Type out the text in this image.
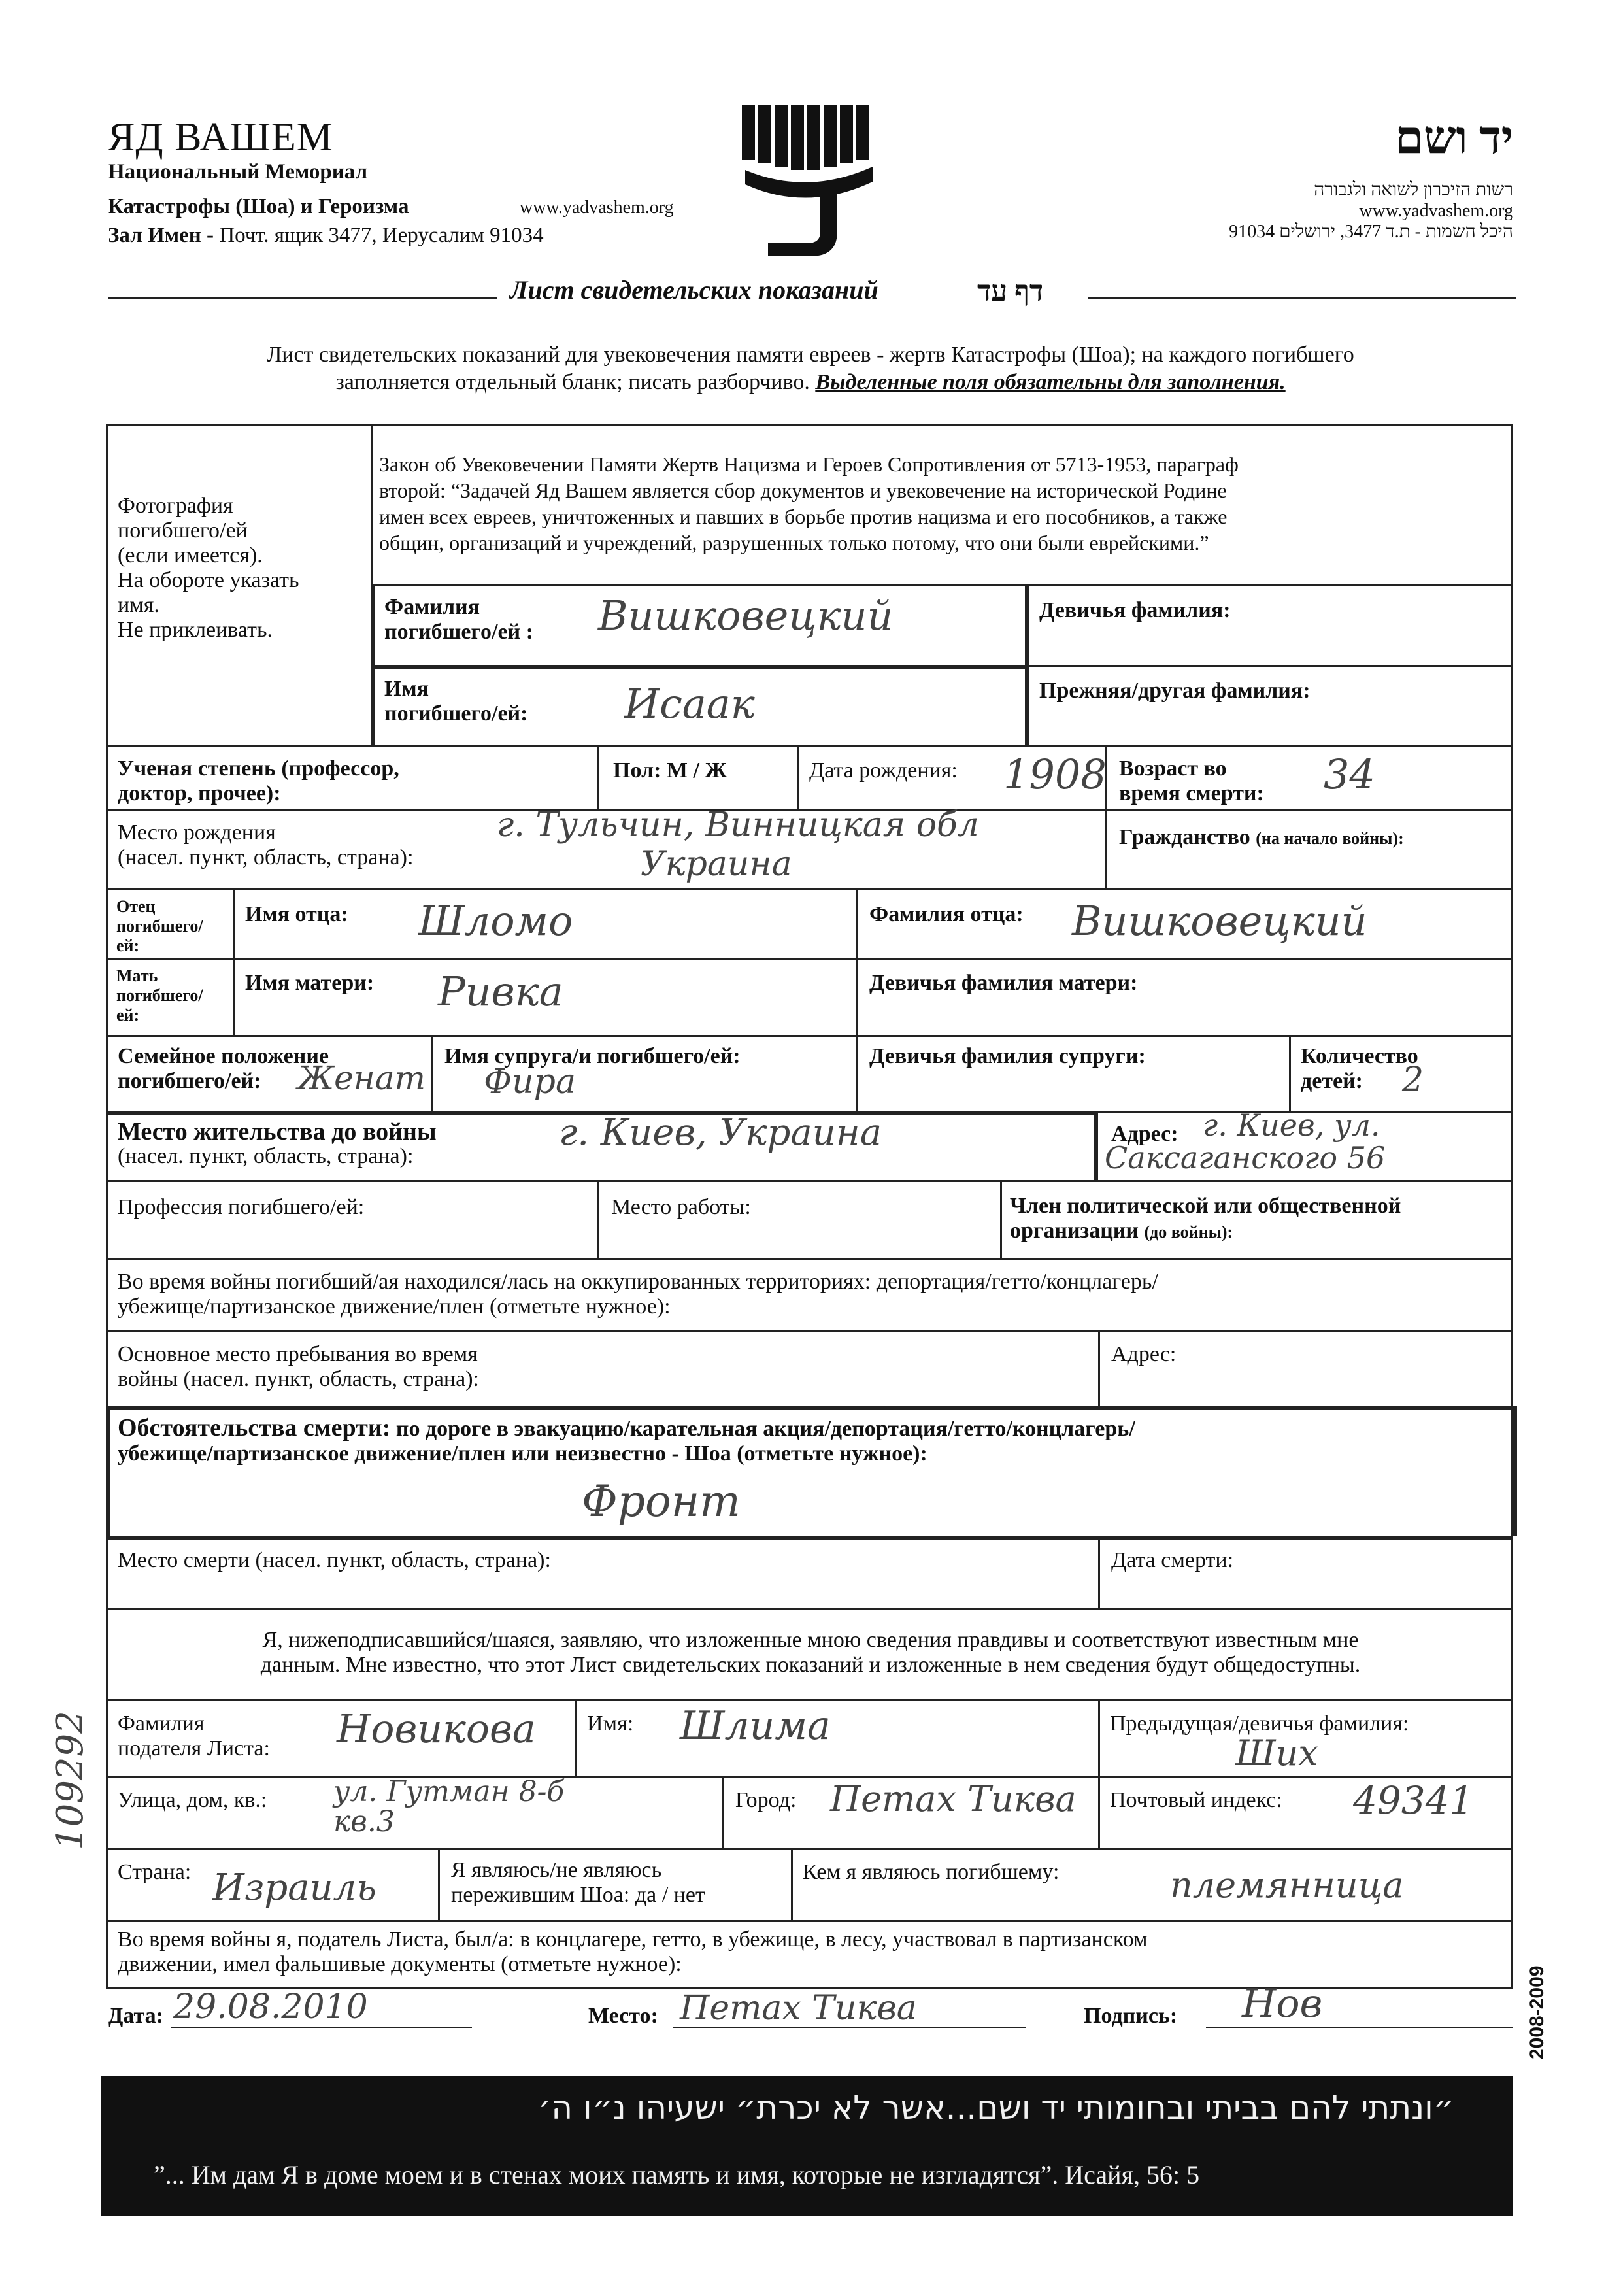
ЯД ВАШЕМ
Национальный Мемориал
Катастрофы (Шоа) и Героизма	www.yadvashem.org
Зал Имен - Почт. ящик 3477, Иерусалим 91034
יד ושם
רשות הזיכרון לשואה ולגבורה
www.yadvashem.org
היכל השמות - ת.ד 3477, ירושלים 91034
Лист свидетельских показаний	דף עד
Лист свидетельских показаний для увековечения памяти евреев - жертв Катастрофы (Шоа); на каждого погибшего
заполняется отдельный бланк; писать разборчиво. Выделенные поля обязательны для заполнения.
Фотография
погибшего/ей
(если имеется).
На обороте указать
имя.
Не приклеивать.
Закон об Увековечении Памяти Жертв Нацизма и Героев Сопротивления от 5713-1953, параграф
второй: “Задачей Яд Вашем является сбор документов и увековечение на исторической Родине
имен всех евреев, уничтоженных и павших в борьбе против нацизма и его пособников, а также
общин, организаций и учреждений, разрушенных только потому, что они были еврейскими.”
Фамилия
погибшего/ей : Вишковецкий	Девичья фамилия:
Имя
погибшего/ей: Исаак	Прежняя/другая фамилия:
Ученая степень (профессор,
доктор, прочее):
Пол: М / Ж	Дата рождения: 1908 Возраст во
время смерти: 34
Место рождения
(насел. пункт, область, страна):
г. Тульчин, Винницкая обл
Украина
Гражданство (на начало войны):
Отец
погибшего/
ей:
Имя отца: Шломо	Фамилия отца: Вишковецкий
Мать
погибшего/
ей:
Имя матери: Ривка	Девичья фамилия матери:
Семейное положение
погибшего/ей:	Женат
Имя супруга/и погибшего/ей:
Фира
Девичья фамилия супруги:	Количество
детей:	2
Место жительства до войны
(насел. пункт, область, страна):
г. Киев, Украина	Адрес: г. Киев, ул.
Саксаганского 56
Профессия погибшего/ей:	Место работы:	Член политической или общественной
организации (до войны):
Во время войны погибший/ая находился/лась на оккупированных территориях: депортация/гетто/концлагерь/
убежище/партизанское движение/плен (отметьте нужное):
Основное место пребывания во время
войны (насел. пункт, область, страна):
Адрес:
Обстоятельства смерти: по дороге в эвакуацию/карательная акция/депортация/гетто/концлагерь/
убежище/партизанское движение/плен или неизвестно - Шоа (отметьте нужное):
Фронт
Место смерти (насел. пункт, область, страна):	Дата смерти:
Я, нижеподписавшийся/шаяся, заявляю, что изложенные мною сведения правдивы и соответствуют известным мне
данным. Мне известно, что этот Лист свидетельских показаний и изложенные в нем сведения будут общедоступны.
Фамилия
подателя Листа: Новикова Имя: Шлима	Предыдущая/девичья фамилия:
Ших
Улица, дом, кв.: ул. Гутман 8-б
кв.3
Город: Петах Тиква Почтовый индекс: 49341
Страна: Израиль	Я являюсь/не являюсь
пережившим Шоа: да / нет
Кем я являюсь погибшему:	племянница
Во время войны я, податель Листа, был/а: в концлагере, гетто, в убежище, в лесу, участвовал в партизанском
движении, имел фальшивые документы (отметьте нужное):
Дата: 29.08.2010	Место: Петах Тиква	Подпись: Нов
״ונתתי להם בביתי ובחומותי יד ושם...אשר לא יכרת״ ישעיהו נ״ו ה׳
”... Им дам Я в доме моем и в стенах моих память и имя, которые не изгладятся”. Исайя, 56: 5
2008-2009
109292
